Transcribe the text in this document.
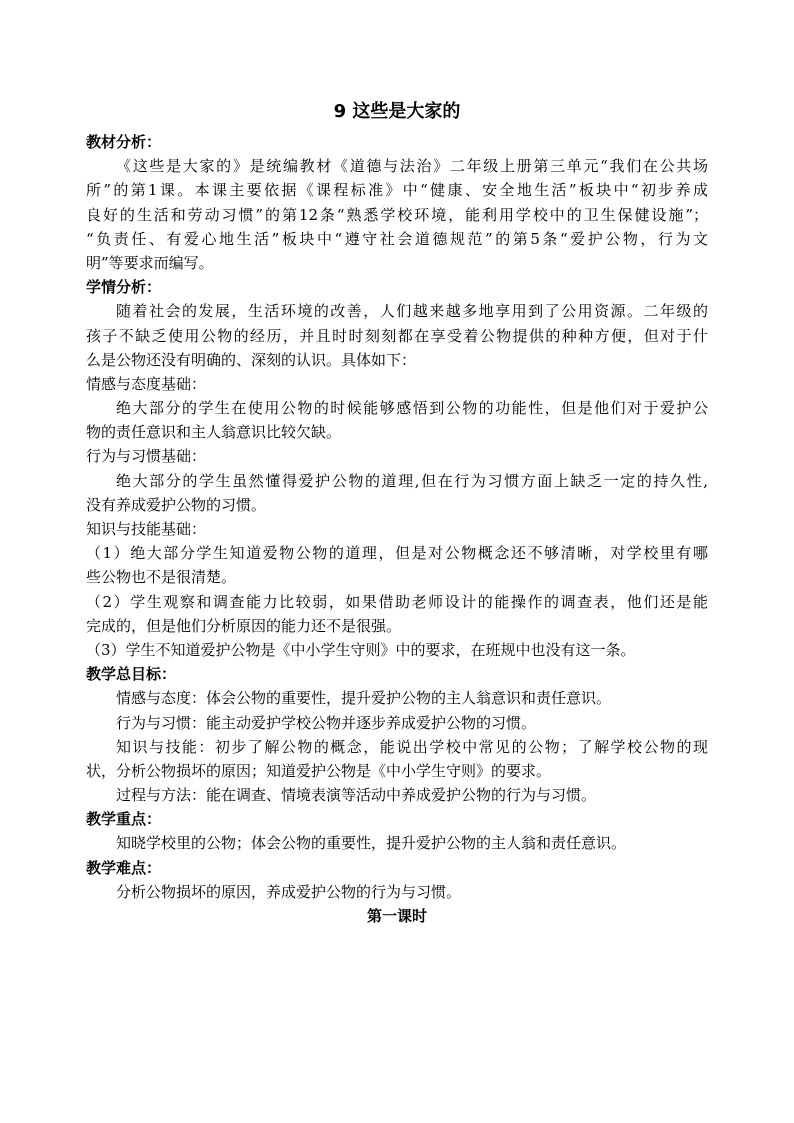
9 这些是大家的
教材分析：
《这些是大家的》是统编教材《道德与法治》二年级上册第三单元“我们在公共场
所”的第1课。本课主要依据《课程标准》中“健康、安全地生活”板块中“初步养成
良好的生活和劳动习惯”的第12条“熟悉学校环境，能利用学校中的卫生保健设施”；
“负责任、有爱心地生活”板块中“遵守社会道德规范”的第5条“爱护公物，行为文
明”等要求而编写。
学情分析：
随着社会的发展，生活环境的改善，人们越来越多地享用到了公用资源。二年级的
孩子不缺乏使用公物的经历，并且时时刻刻都在享受着公物提供的种种方便，但对于什
么是公物还没有明确的、深刻的认识。具体如下：
情感与态度基础：
绝大部分的学生在使用公物的时候能够感悟到公物的功能性，但是他们对于爱护公
物的责任意识和主人翁意识比较欠缺。
行为与习惯基础：
绝大部分的学生虽然懂得爱护公物的道理,但在行为习惯方面上缺乏一定的持久性,
没有养成爱护公物的习惯。
知识与技能基础：
（1）绝大部分学生知道爱物公物的道理，但是对公物概念还不够清晰，对学校里有哪
些公物也不是很清楚。
（2）学生观察和调查能力比较弱，如果借助老师设计的能操作的调查表，他们还是能
完成的，但是他们分析原因的能力还不是很强。
（3）学生不知道爱护公物是《中小学生守则》中的要求，在班规中也没有这一条。
教学总目标：
情感与态度：体会公物的重要性，提升爱护公物的主人翁意识和责任意识。
行为与习惯：能主动爱护学校公物并逐步养成爱护公物的习惯。
知识与技能：初步了解公物的概念，能说出学校中常见的公物；了解学校公物的现
状，分析公物损坏的原因；知道爱护公物是《中小学生守则》的要求。
过程与方法：能在调查、情境表演等活动中养成爱护公物的行为与习惯。
教学重点：
知晓学校里的公物；体会公物的重要性，提升爱护公物的主人翁和责任意识。
教学难点：
分析公物损坏的原因，养成爱护公物的行为与习惯。
第一课时
